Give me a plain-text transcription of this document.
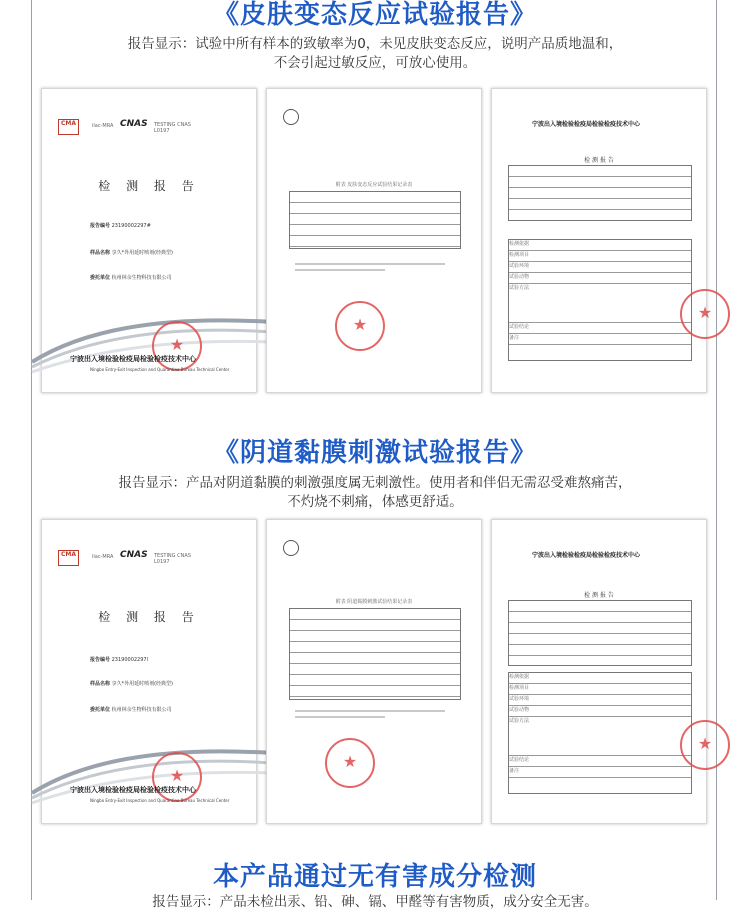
《皮肤变态反应试验报告》
报告显示：试验中所有样本的致敏率为0，未见皮肤变态反应，说明产品质地温和，
不会引起过敏反应，可放心使用。
CMA	ilac-MRA CNAS TESTING CNAS L0197
检 测 报 告
报告编号 23190002297#
样品名称 享久*外用延时喷剂(经典型)
委托单位 杭州林余生物科技有限公司
★
宁波出入境检验检疫局检验检疫技术中心
Ningbo Entry-Exit Inspection and Quarantine Bureau Technical Center
附表 皮肤变态反应试验结果记录表
★
宁波出入境检验检疫局检验检疫技术中心
检 测 报 告
检测依据
检测项目
试验环境
试验动物
试验方法
试验结论
备注
★
《阴道黏膜刺激试验报告》
报告显示：产品对阴道黏膜的刺激强度属无刺激性。使用者和伴侣无需忍受难熬痛苦，
不灼烧不刺痛，体感更舒适。
CMA	ilac-MRA CNAS TESTING CNAS L0197
检 测 报 告
报告编号 23190002297l
样品名称 享久*外用延时喷剂(经典型)
委托单位 杭州林余生物科技有限公司
★
宁波出入境检验检疫局检验检疫技术中心
Ningbo Entry-Exit Inspection and Quarantine Bureau Technical Center
附表 阴道黏膜刺激试验结果记录表
★
宁波出入境检验检疫局检验检疫技术中心
检 测 报 告
检测依据
检测项目
试验环境
试验动物
试验方法
试验结论
备注
★
本产品通过无有害成分检测
报告显示：产品未检出汞、铅、砷、镉、甲醛等有害物质，成分安全无害。
